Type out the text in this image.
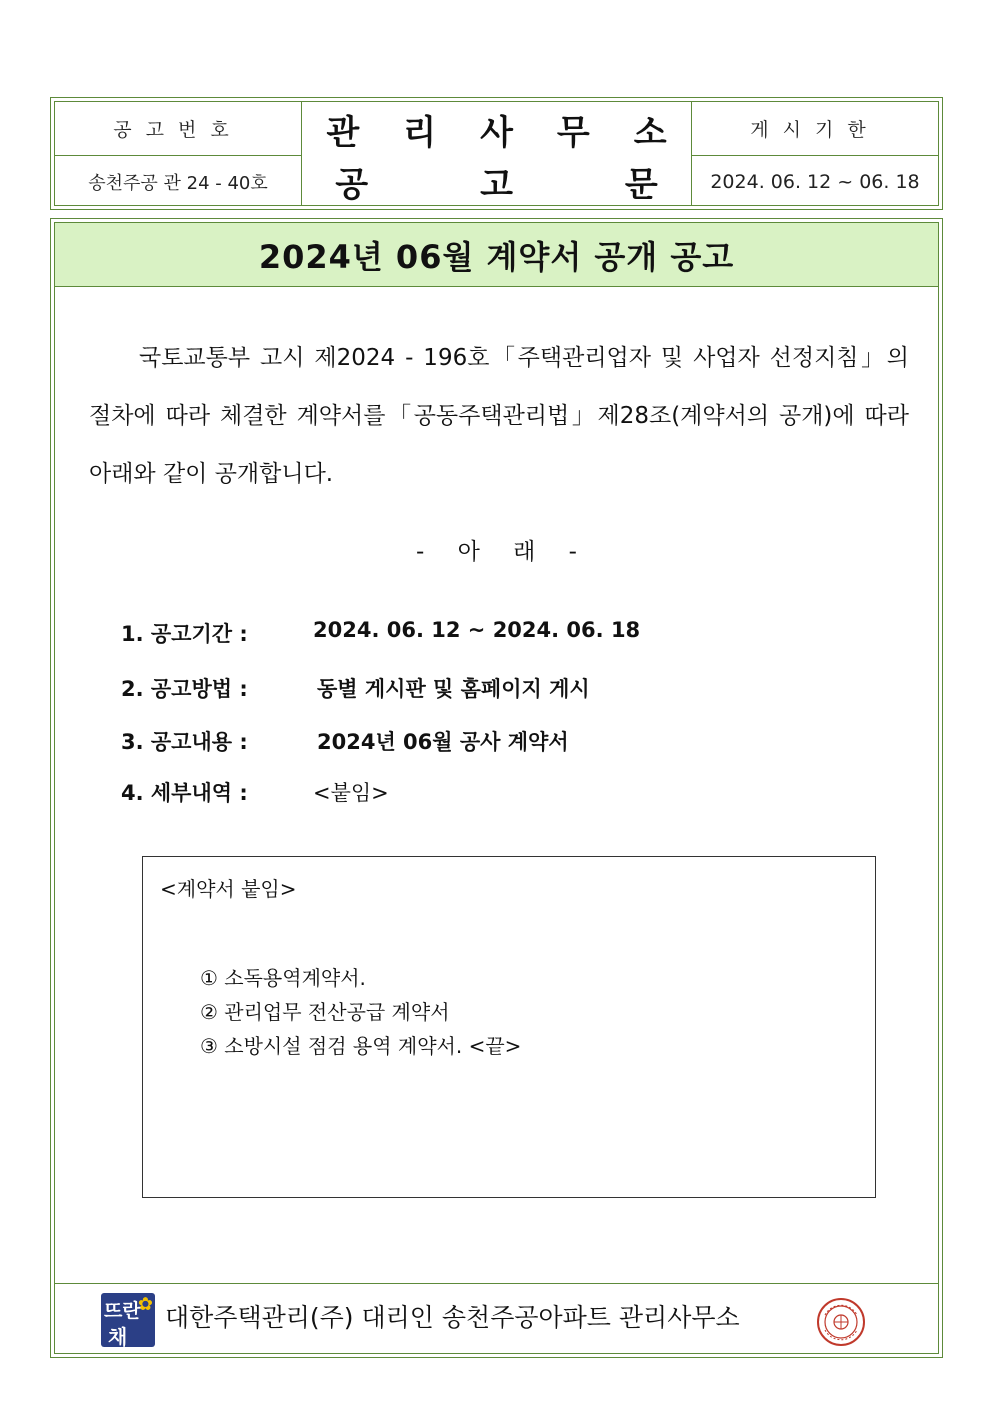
공고번호
송천주공 관 24 - 40호
관리사무소
공고문
게시기한
2024. 06. 12 ~ 06. 18
2024년 06월 계약서 공개 공고
국토교통부 고시 제2024 - 196호「주택관리업자 및 사업자 선정지침」의 절차에 따라 체결한 계약서를「공동주택관리법」제28조(계약서의 공개)에 따라 아래와 같이 공개합니다.
- 아 래 -
1. 공고기간 :	2024. 06. 12 ~ 2024. 06. 18
2. 공고방법 :	동별 게시판 및 홈페이지 게시
3. 공고내용 :	2024년 06월 공사 계약서
4. 세부내역 :	<붙임>
<계약서 붙임>
① 소독용역계약서.
② 관리업무 전산공급 계약서
③ 소방시설 점검 용역 계약서. <끝>
뜨란
채
✿ 대한주택관리(주) 대리인 송천주공아파트 관리사무소
